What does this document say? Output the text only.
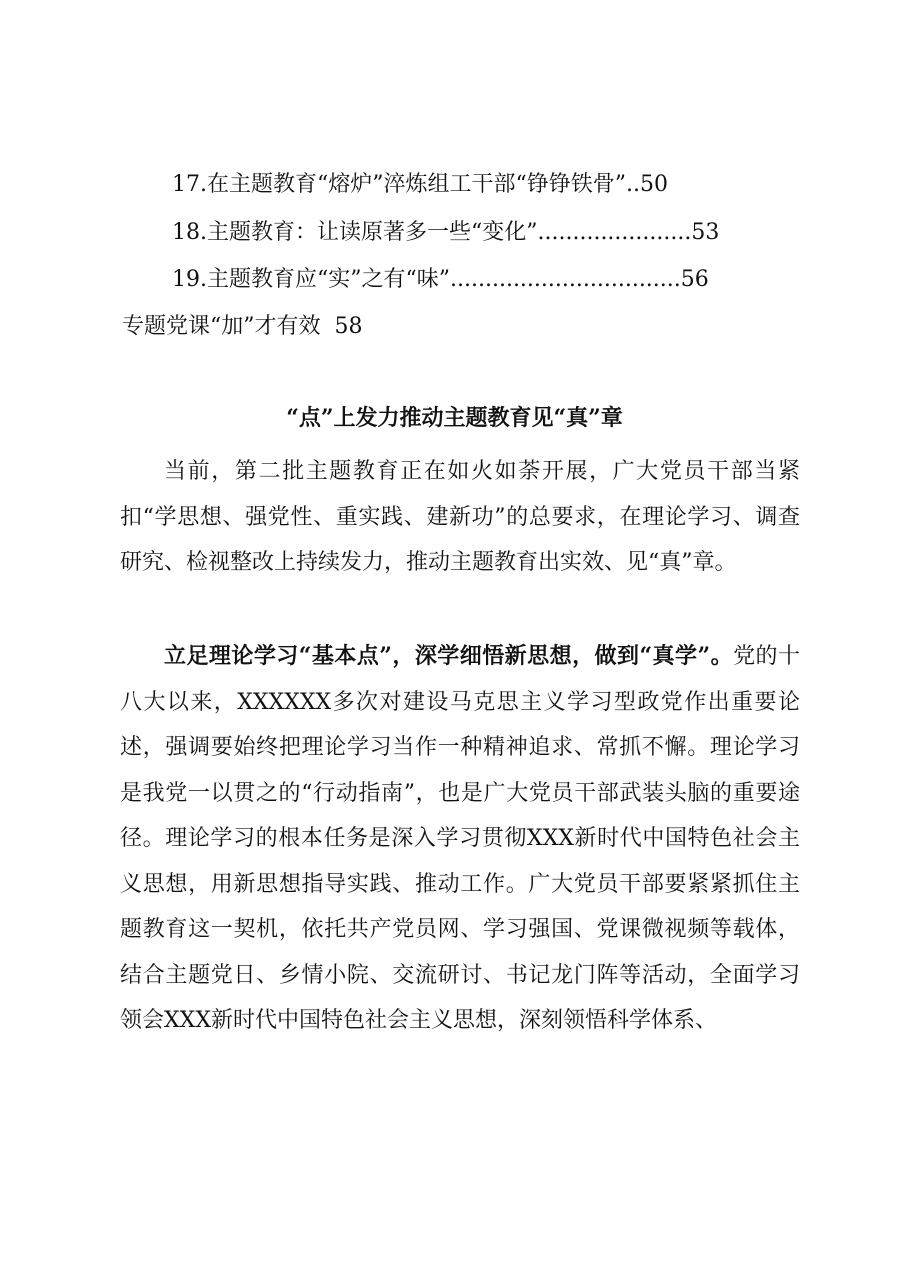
17.在主题教育“熔炉”淬炼组工干部“铮铮铁骨”..50
18.主题教育：让读原著多一些“变化”......................53
19.主题教育应“实”之有“味”.................................56
专题党课“加”才有效 58
“点”上发力推动主题教育见“真”章

当前，第二批主题教育正在如火如荼开展，广大党员干部当紧扣“学思想、强党性、重实践、建新功”的总要求，在理论学习、调查研究、检视整改上持续发力，推动主题教育出实效、见“真”章。

立足理论学习“基本点”，深学细悟新思想，做到“真学”。党的十八大以来，XXXXXX多次对建设马克思主义学习型政党作出重要论述，强调要始终把理论学习当作一种精神追求、常抓不懈。理论学习是我党一以贯之的“行动指南”，也是广大党员干部武装头脑的重要途径。理论学习的根本任务是深入学习贯彻XXX新时代中国特色社会主义思想，用新思想指导实践、推动工作。广大党员干部要紧紧抓住主题教育这一契机，依托共产党员网、学习强国、党课微视频等载体，结合主题党日、乡情小院、交流研讨、书记龙门阵等活动，全面学习领会XXX新时代中国特色社会主义思想，深刻领悟科学体系、
